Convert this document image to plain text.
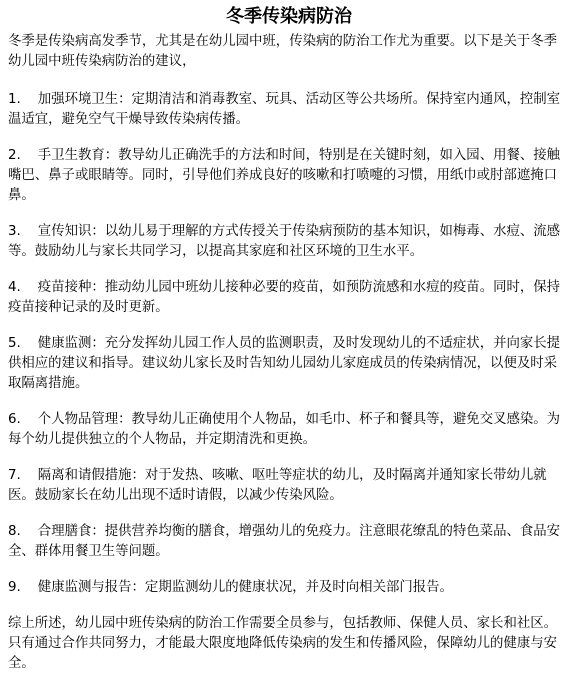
冬季传染病防治

冬季是传染病高发季节，尤其是在幼儿园中班，传染病的防治工作尤为重要。以下是关于冬季幼儿园中班传染病防治的建议，

1.    加强环境卫生：定期清洁和消毒教室、玩具、活动区等公共场所。保持室内通风，控制室温适宜，避免空气干燥导致传染病传播。

2.    手卫生教育：教导幼儿正确洗手的方法和时间，特别是在关键时刻，如入园、用餐、接触嘴巴、鼻子或眼睛等。同时，引导他们养成良好的咳嗽和打喷嚏的习惯，用纸巾或肘部遮掩口鼻。

3.    宣传知识：以幼儿易于理解的方式传授关于传染病预防的基本知识，如梅毒、水痘、流感等。鼓励幼儿与家长共同学习，以提高其家庭和社区环境的卫生水平。

4.    疫苗接种：推动幼儿园中班幼儿接种必要的疫苗，如预防流感和水痘的疫苗。同时，保持疫苗接种记录的及时更新。

5.    健康监测：充分发挥幼儿园工作人员的监测职责，及时发现幼儿的不适症状，并向家长提供相应的建议和指导。建议幼儿家长及时告知幼儿园幼儿家庭成员的传染病情况，以便及时采取隔离措施。

6.    个人物品管理：教导幼儿正确使用个人物品，如毛巾、杯子和餐具等，避免交叉感染。为每个幼儿提供独立的个人物品，并定期清洗和更换。

7.    隔离和请假措施：对于发热、咳嗽、呕吐等症状的幼儿，及时隔离并通知家长带幼儿就医。鼓励家长在幼儿出现不适时请假，以减少传染风险。

8.    合理膳食：提供营养均衡的膳食，增强幼儿的免疫力。注意眼花缭乱的特色菜品、食品安全、群体用餐卫生等问题。

9.    健康监测与报告：定期监测幼儿的健康状况，并及时向相关部门报告。

综上所述，幼儿园中班传染病的防治工作需要全员参与，包括教师、保健人员、家长和社区。只有通过合作共同努力，才能最大限度地降低传染病的发生和传播风险，保障幼儿的健康与安全。
